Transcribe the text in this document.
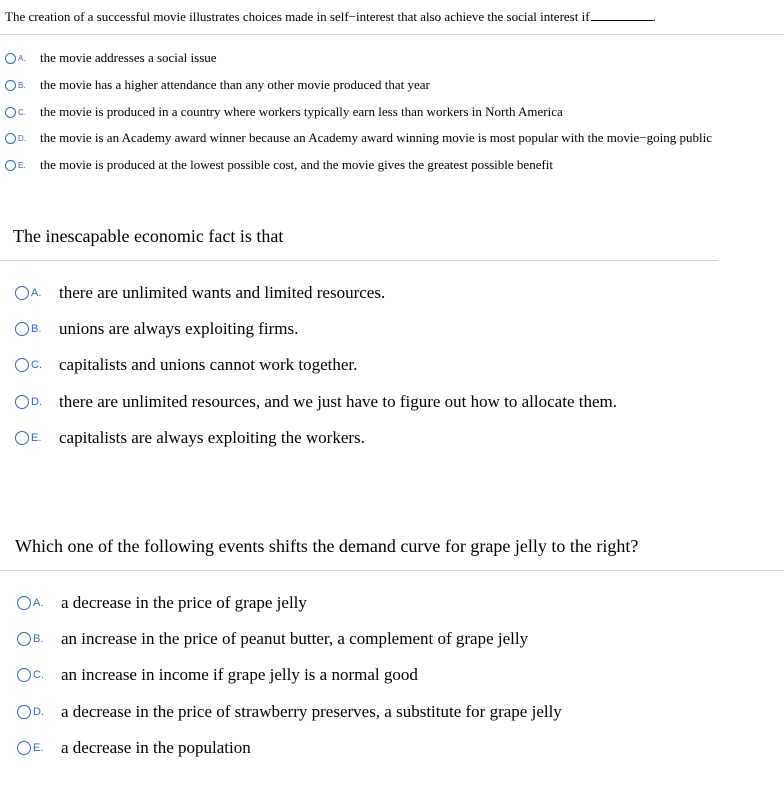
The creation of a successful movie illustrates choices made in self−interest that also achieve the social interest if	.
A.	the movie addresses a social issue
B.	the movie has a higher attendance than any other movie produced that year
C.	the movie is produced in a country where workers typically earn less than workers in North America
D.	the movie is an Academy award winner because an Academy award winning movie is most popular with the movie−going public
E.	the movie is produced at the lowest possible cost, and the movie gives the greatest possible benefit
The inescapable economic fact is that
A.	there are unlimited wants and limited resources.
B.	unions are always exploiting firms.
C.	capitalists and unions cannot work together.
D.	there are unlimited resources, and we just have to figure out how to allocate them.
E.	capitalists are always exploiting the workers.
Which one of the following events shifts the demand curve for grape jelly to the right?
A.	a decrease in the price of grape jelly
B.	an increase in the price of peanut butter, a complement of grape jelly
C.	an increase in income if grape jelly is a normal good
D.	a decrease in the price of strawberry preserves, a substitute for grape jelly
E.	a decrease in the population
